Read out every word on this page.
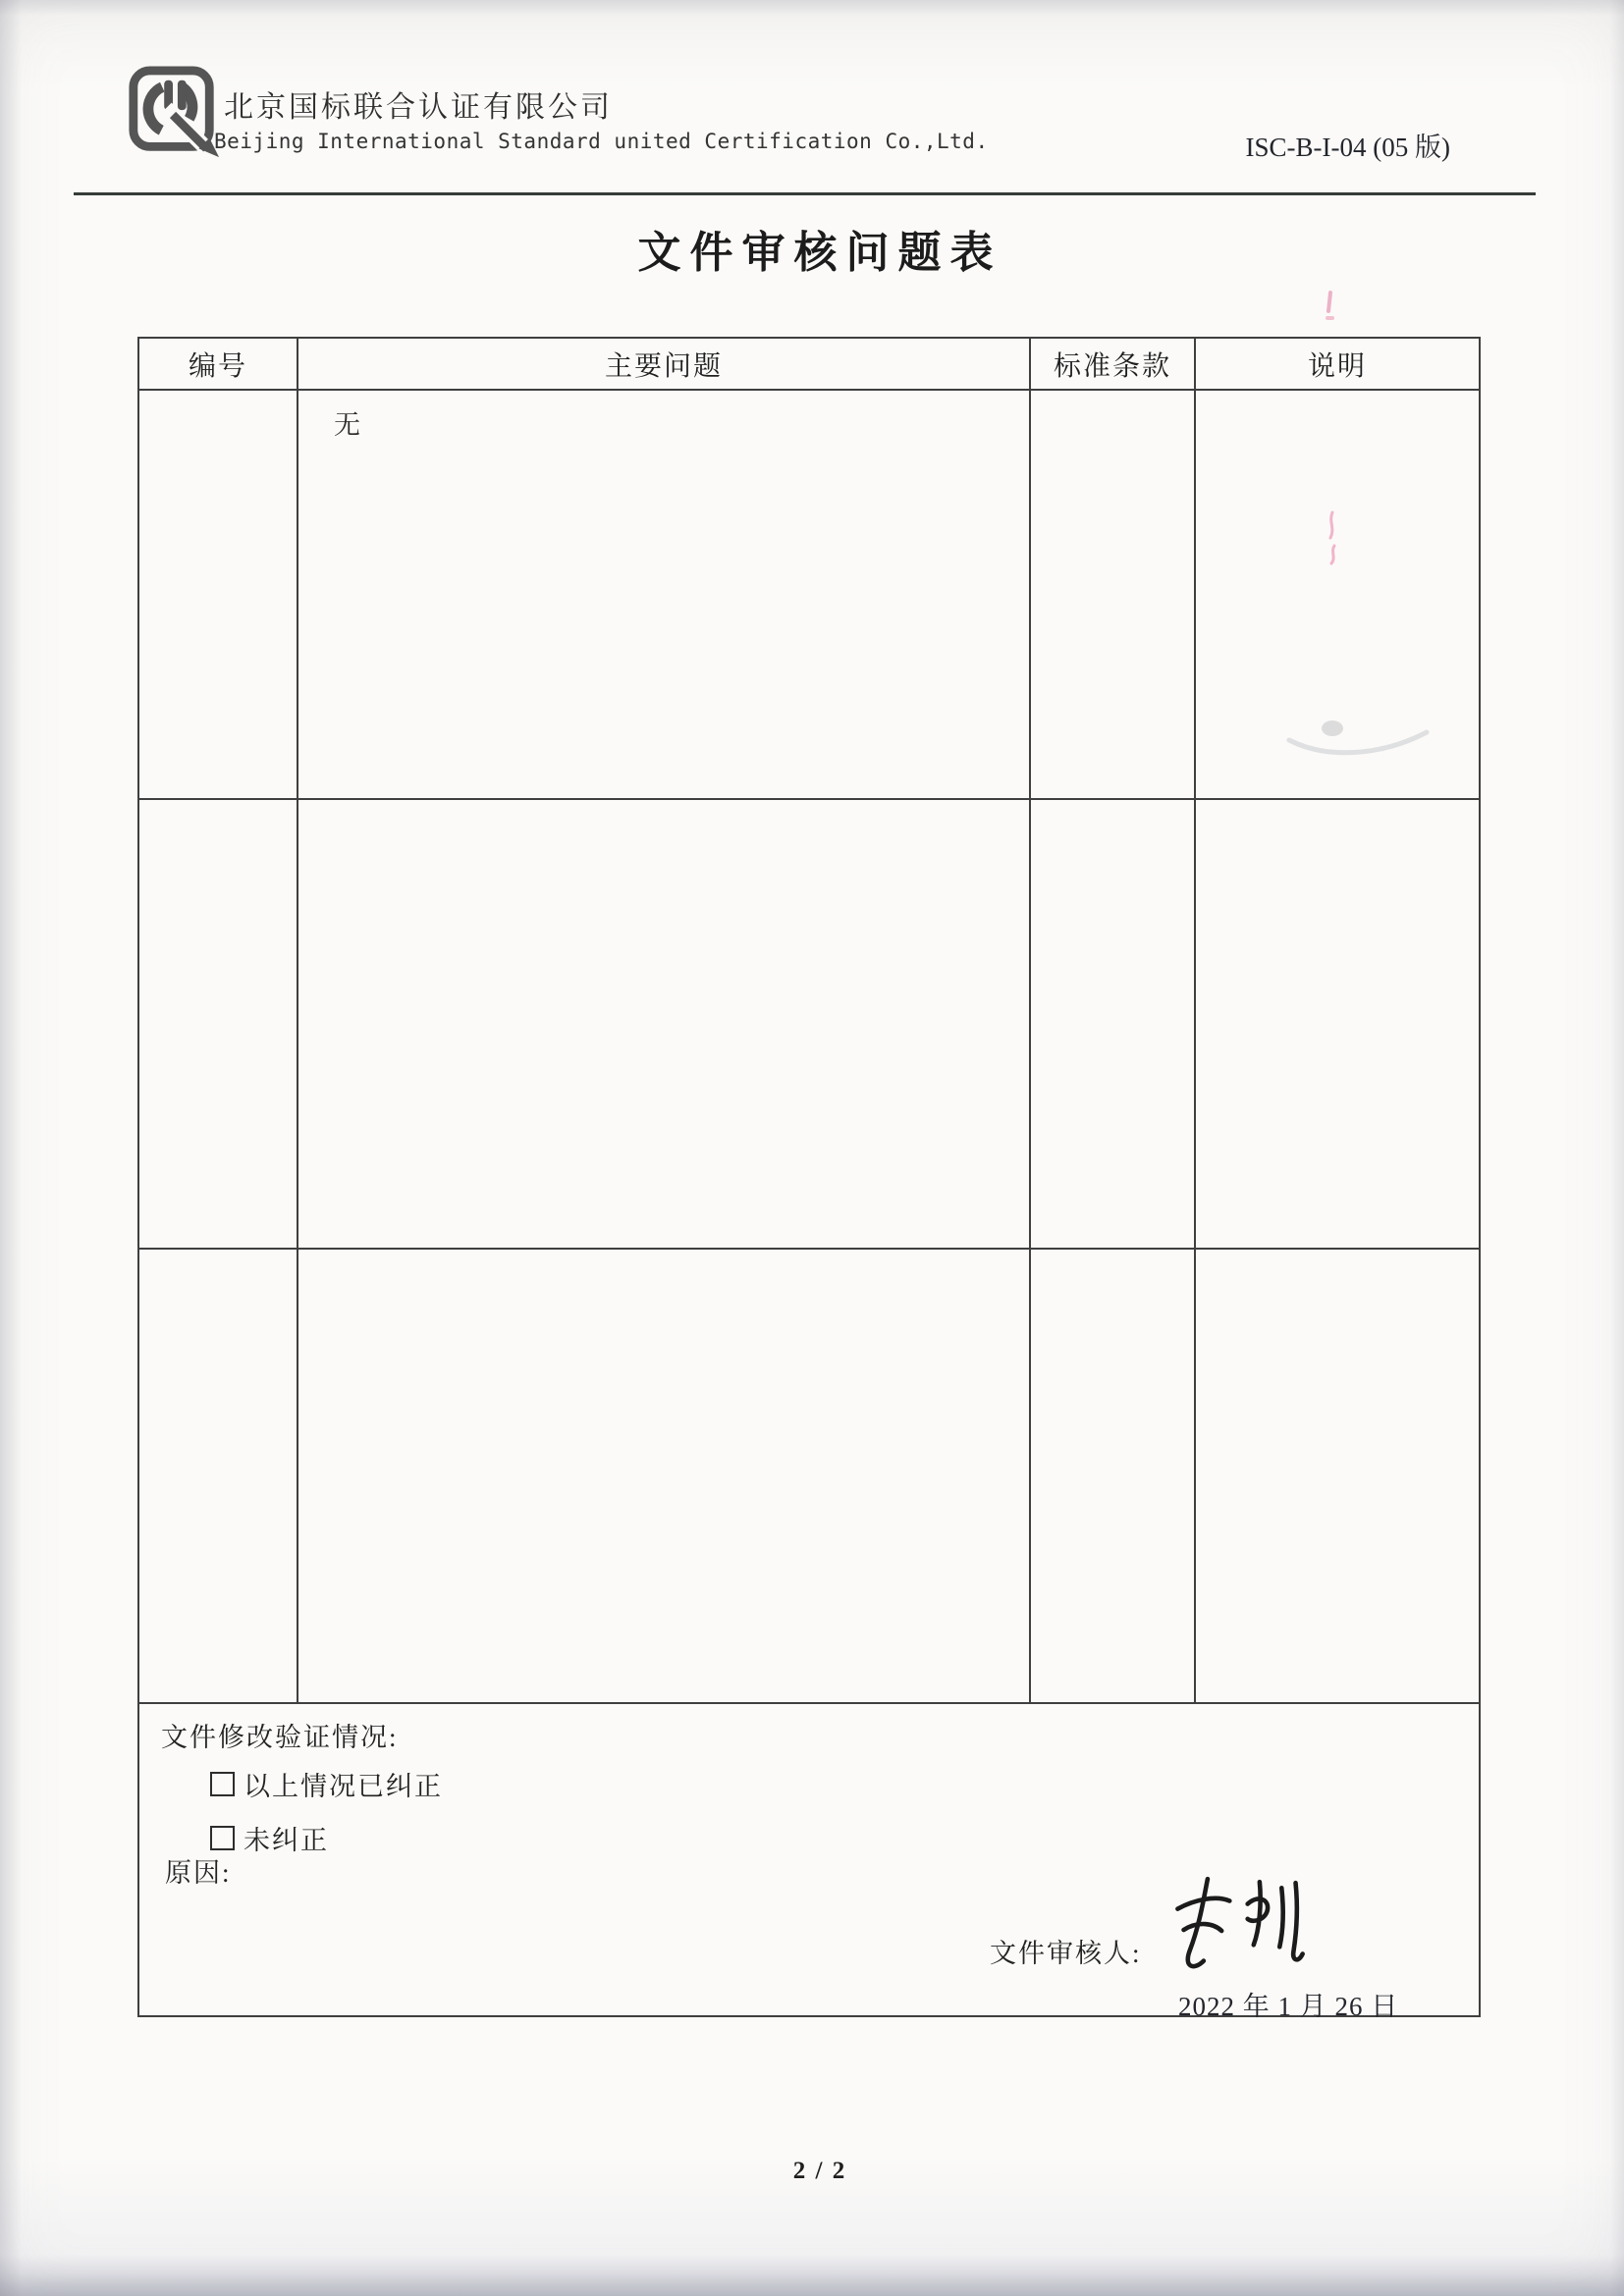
北京国标联合认证有限公司
Beijing International Standard united Certification Co.,Ltd.	ISC-B-I-04 (05 版)
文件审核问题表
编号	主要问题	标准条款	说明
	无		

文件修改验证情况:
以上情况已纠正
未纠正
原因:
文件审核人:
2022 年 1 月 26 日
2 / 2
